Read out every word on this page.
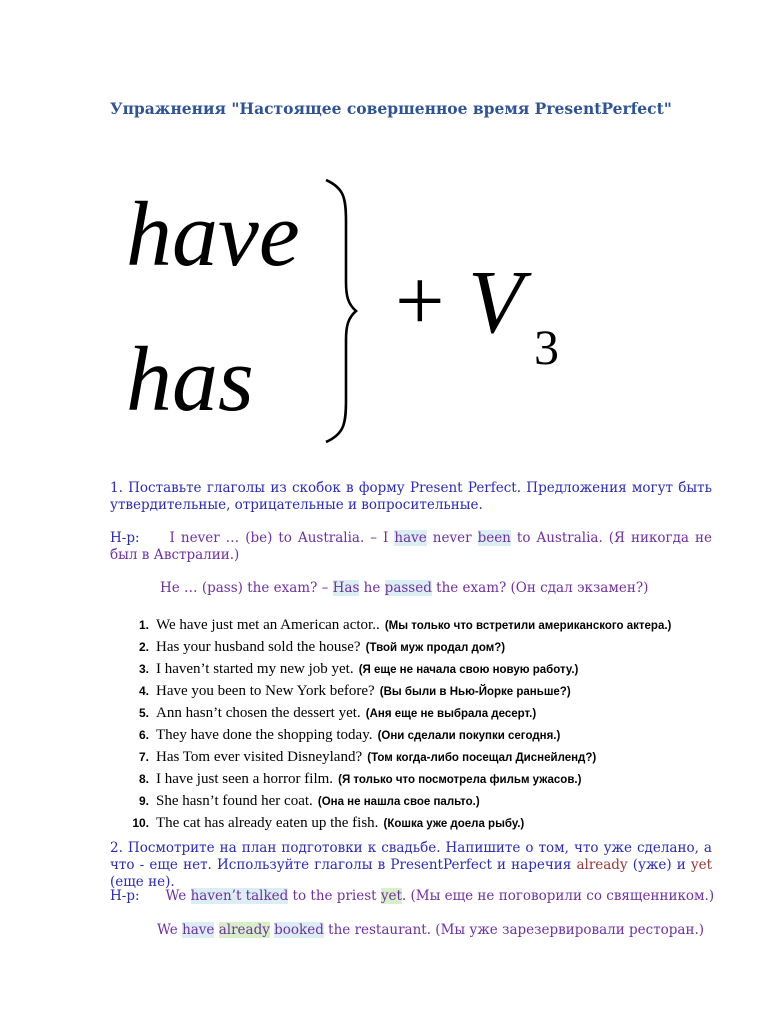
Упражнения "Настоящее совершенное время PresentPerfect"
have
has
+ V 3
1. Поставьте глаголы из скобок в форму Present Perfect. Предложения могут быть утвердительные, отрицательные и вопросительные.
Н-р: I never … (be) to Australia. – I have never been to Australia. (Я никогда не был в Австралии.)
He … (pass) the exam? – Has he passed the exam? (Он сдал экзамен?)
1. We have just met an American actor.. (Мы только что встретили американского актера.)
2. Has your husband sold the house? (Твой муж продал дом?)
3. I haven’t started my new job yet. (Я еще не начала свою новую работу.)
4. Have you been to New York before? (Вы были в Нью-Йорке раньше?)
5. Ann hasn’t chosen the dessert yet. (Аня еще не выбрала десерт.)
6. They have done the shopping today. (Они сделали покупки сегодня.)
7. Has Tom ever visited Disneyland? (Том когда-либо посещал Диснейленд?)
8. I have just seen a horror film. (Я только что посмотрела фильм ужасов.)
9. She hasn’t found her coat. (Она не нашла свое пальто.)
10. The cat has already eaten up the fish. (Кошка уже доела рыбу.)
2. Посмотрите на план подготовки к свадьбе. Напишите о том, что уже сделано, а что - еще нет. Используйте глаголы в PresentPerfect и наречия already (уже) и yet (еще не).
Н-р: We haven’t talked to the priest yet. (Мы еще не поговорили со священником.)
We have already booked the restaurant. (Мы уже зарезервировали ресторан.)
